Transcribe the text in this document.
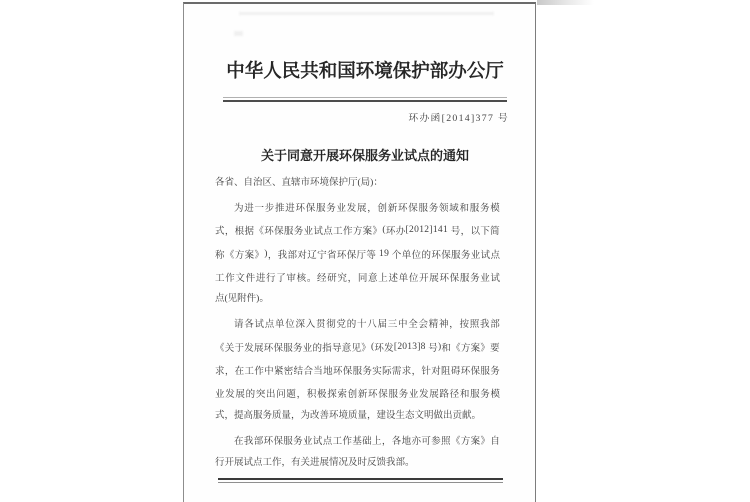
中华人民共和国环境保护部办公厅
环办函[2014]377 号
关于同意开展环保服务业试点的通知
各省、自治区、直辖市环境保护厅(局)：
为 进 一 步 推 进 环 保 服 务 业 发 展 ， 创 新 环 保 服 务 领 域 和 服 务 模
式 ， 根 据 《 环 保 服 务 业 试 点 工 作 方 案 》 ( 环 办 [ 2 0 1 2 ] 1 4 1
号 ， 以 下 简
称 《 方 案 》 ) ， 我 部 对 辽 宁 省 环 保 厅 等
1 9
个 单 位 的 环 保 服 务 业 试 点
工 作 文 件 进 行 了 审 核 。 经 研 究 ， 同 意 上 述 单 位 开 展 环 保 服 务 业 试
点(见附件)。
请 各 试 点 单 位 深 入 贯 彻 党 的 十 八 届 三 中 全 会 精 神 ， 按 照 我 部
《 关 于 发 展 环 保 服 务 业 的 指 导 意 见 》 ( 环 发 [ 2 0 1 3 ] 8
号 ) 和 《 方 案 》 要
求 ， 在 工 作 中 紧 密 结 合 当 地 环 保 服 务 实 际 需 求 ， 针 对 阻 碍 环 保 服 务
业 发 展 的 突 出 问 题 ， 积 极 探 索 创 新 环 保 服 务 业 发 展 路 径 和 服 务 模
式，提高服务质量，为改善环境质量，建设生态文明做出贡献。
在 我 部 环 保 服 务 业 试 点 工 作 基 础 上 ， 各 地 亦 可 参 照 《 方 案 》 自
行开展试点工作，有关进展情况及时反馈我部。
